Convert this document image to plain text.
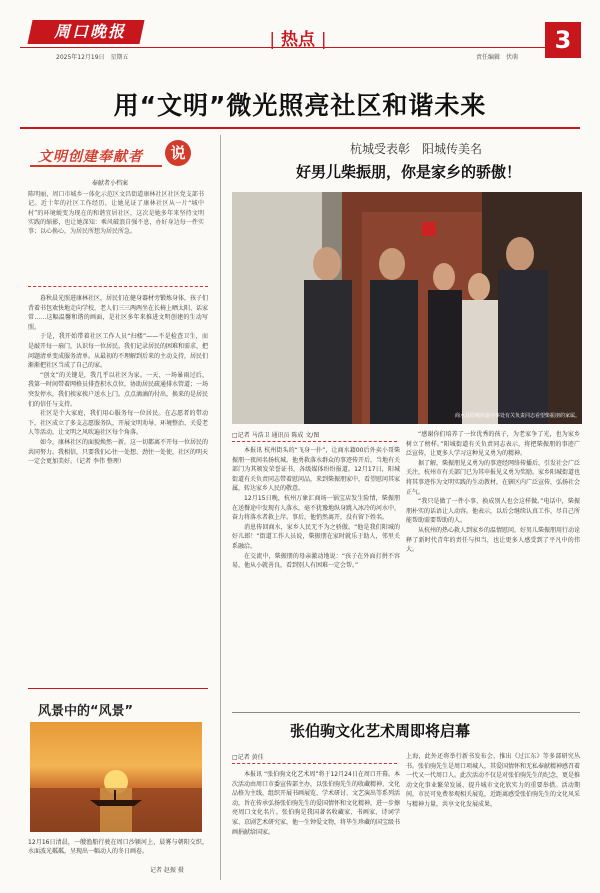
周口晚报	| 热点 |	3
2025年12月19日　星期五	责任编辑　伏萌
用“文明”微光照亮社区和谐未来
文明创建奉献者	说
奉献者小档案
陈明丽，周口市城乡一体化示范区文昌街道康林社区社区党支部书记。近十年的社区工作经历，让她见证了康林社区从一片“城中村”的环境蜕变为现在的和谐宜居社区，这次是她多年来坚持文明实践的缩影，也让她深知：乘风破浪自强不息，办好身边每一件实事；以心换心，为居民所想为居民所急。

暮秋晨光照进康林社区，居民们在健身器材旁锻炼身体，孩子们背着书包欢快地走向学校，老人们三三两两坐在长椅上晒太阳、话家常……这幅温馨和谐的画面，是社区多年来推进文明创建的生动写照。

于是，我开始带着社区工作人员“扫楼”——不是检查卫生，而是敲开每一扇门，认识每一位居民。我们记录居民的困难和需求，把问题清单变成服务清单。从最初的不理解到后来的主动支持，居民们渐渐把社区当成了自己的家。

“创文”的关键是，我几乎以社区为家。一天、一场暴雨过后，我第一时间带着网格员排查积水点位，协助居民疏通排水管道；一场突发停水，我们挨家挨户送水上门。点点滴滴的付出，换来的是居民们的信任与支持。

社区是个大家庭，我们用心服务每一位居民。在志愿者的带动下，社区成立了多支志愿服务队，开展文明劝导、环境整治、关爱老人等活动，让文明之风吹遍社区每个角落。

如今，康林社区的面貌焕然一新，这一切都离不开每一位居民的共同努力。我相信，只要我们心往一处想、劲往一处使，社区的明天一定会更加美好。（记者 李伟 整理）

风景中的“风景”
12月16日清晨，一艘渔船行驶在周口沙颍河上，晨雾与朝阳交织，水面波光粼粼，呈现出一幅动人的冬日画卷。
记者 赵振 摄
杭城受表彰　阳城传美名
好男儿柴振朋，你是家乡的骄傲！
商水县阳城街道办事处有关负责同志看望柴振朋的家属。
□记者 马浩卫 通讯员 陈成 文/图

本报讯 杭州街头的“飞身一扑”，让商水籍00后外卖小哥柴振朋一夜间名扬杭城。他勇救落水群众的事迹传开后，当地有关部门为其颁发荣誉证书，各级媒体纷纷报道。12月17日，阳城街道有关负责同志带着慰问品，来到柴振朋家中，看望慰问其家属，转达家乡人民的敬意。

12月15日晚，杭州万象汇商场一锅宝店发生险情，柴振朋在送餐途中发现有人落水，毫不犹豫地纵身跳入冰冷的河水中，奋力将落水者救上岸。事后，他悄然离开，没有留下姓名。

消息传回商水，家乡人民无不为之骄傲。“他是我们阳城的好儿郎！”街道工作人员说，柴振朋在家时就乐于助人，邻里关系融洽。

在交流中，柴振朋的母亲激动地说：“孩子在外面打拼不容易，他从小就善良，看到别人有困难一定会帮。”

“感谢你们培养了一位优秀的孩子，为老家争了光，也为家乡树立了榜样。”阳城街道有关负责同志表示，将把柴振朋的事迹广泛宣传，让更多人学习这种见义勇为的精神。

据了解，柴振朋见义勇为的事迹经网络传播后，引发社会广泛关注，杭州市有关部门已为其申报见义勇为奖励。家乡阳城街道也将其事迹作为文明实践的生动教材，在辖区内广泛宣传，弘扬社会正气。

“我只是做了一件小事，换成别人也会这样做。”电话中，柴振朋朴实的话语让人动容。他表示，以后会继续认真工作，尽自己所能帮助需要帮助的人。

从杭州的热心救人到家乡的温情慰问，好男儿柴振朋用行动诠释了新时代青年的责任与担当，也让更多人感受到了平凡中的伟大。

张伯驹文化艺术周即将启幕
□记者 黄佳
本报讯 “张伯驹文化艺术周”将于12月24日在周口开幕。本次活动由周口市委宣传部主办，以张伯驹先生的收藏精神、文化品格为主线，组织开展书画展览、学术研讨、文艺演出等系列活动，旨在传承弘扬张伯驹先生的爱国情怀和文化精神，进一步擦亮周口文化名片。张伯驹是我国著名收藏家、书画家、诗词学家、京剧艺术研究家，他一生钟爱文物，将毕生珍藏的国宝级书画捐献给国家。
上海，此外还将举行新书发布会，推出《过江东》等多部研究丛书。张伯驹先生是周口项城人，其爱国情怀和无私奉献精神感召着一代又一代周口人。此次活动不仅是对张伯驹先生的纪念，更是推动文化事业繁荣发展、提升城市文化软实力的重要举措。活动期间，市民可免费参观相关展览，近距离感受张伯驹先生的文化风采与精神力量，共享文化发展成果。
